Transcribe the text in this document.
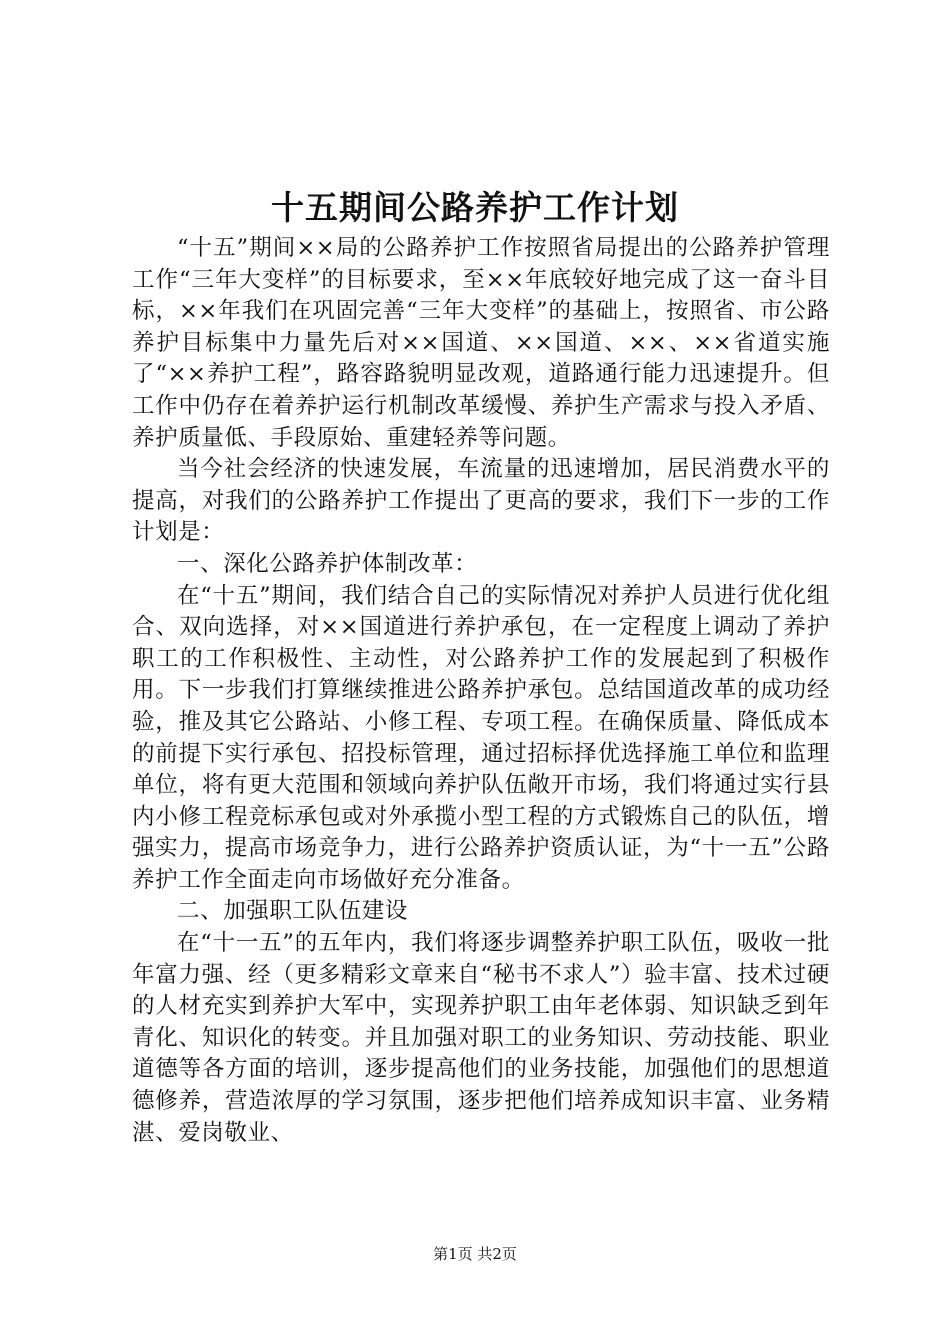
十五期间公路养护工作计划

“十五”期间××局的公路养护工作按照省局提出的公路养护管理工作“三年大变样”的目标要求，至××年底较好地完成了这一奋斗目标，××年我们在巩固完善“三年大变样”的基础上，按照省、市公路养护目标集中力量先后对××国道、××国道、××、××省道实施了“××养护工程”，路容路貌明显改观，道路通行能力迅速提升。但工作中仍存在着养护运行机制改革缓慢、养护生产需求与投入矛盾、养护质量低、手段原始、重建轻养等问题。

当今社会经济的快速发展，车流量的迅速增加，居民消费水平的提高，对我们的公路养护工作提出了更高的要求，我们下一步的工作计划是：

一、深化公路养护体制改革：

在“十五”期间，我们结合自己的实际情况对养护人员进行优化组合、双向选择，对××国道进行养护承包，在一定程度上调动了养护职工的工作积极性、主动性，对公路养护工作的发展起到了积极作用。下一步我们打算继续推进公路养护承包。总结国道改革的成功经验，推及其它公路站、小修工程、专项工程。在确保质量、降低成本的前提下实行承包、招投标管理，通过招标择优选择施工单位和监理单位，将有更大范围和领域向养护队伍敞开市场，我们将通过实行县内小修工程竞标承包或对外承揽小型工程的方式锻炼自己的队伍，增强实力，提高市场竞争力，进行公路养护资质认证，为“十一五”公路养护工作全面走向市场做好充分准备。

二、加强职工队伍建设

在“十一五”的五年内，我们将逐步调整养护职工队伍，吸收一批年富力强、经（更多精彩文章来自“秘书不求人”）验丰富、技术过硬的人材充实到养护大军中，实现养护职工由年老体弱、知识缺乏到年青化、知识化的转变。并且加强对职工的业务知识、劳动技能、职业道德等各方面的培训，逐步提高他们的业务技能，加强他们的思想道德修养，营造浓厚的学习氛围，逐步把他们培养成知识丰富、业务精湛、爱岗敬业、

第1页 共2页
